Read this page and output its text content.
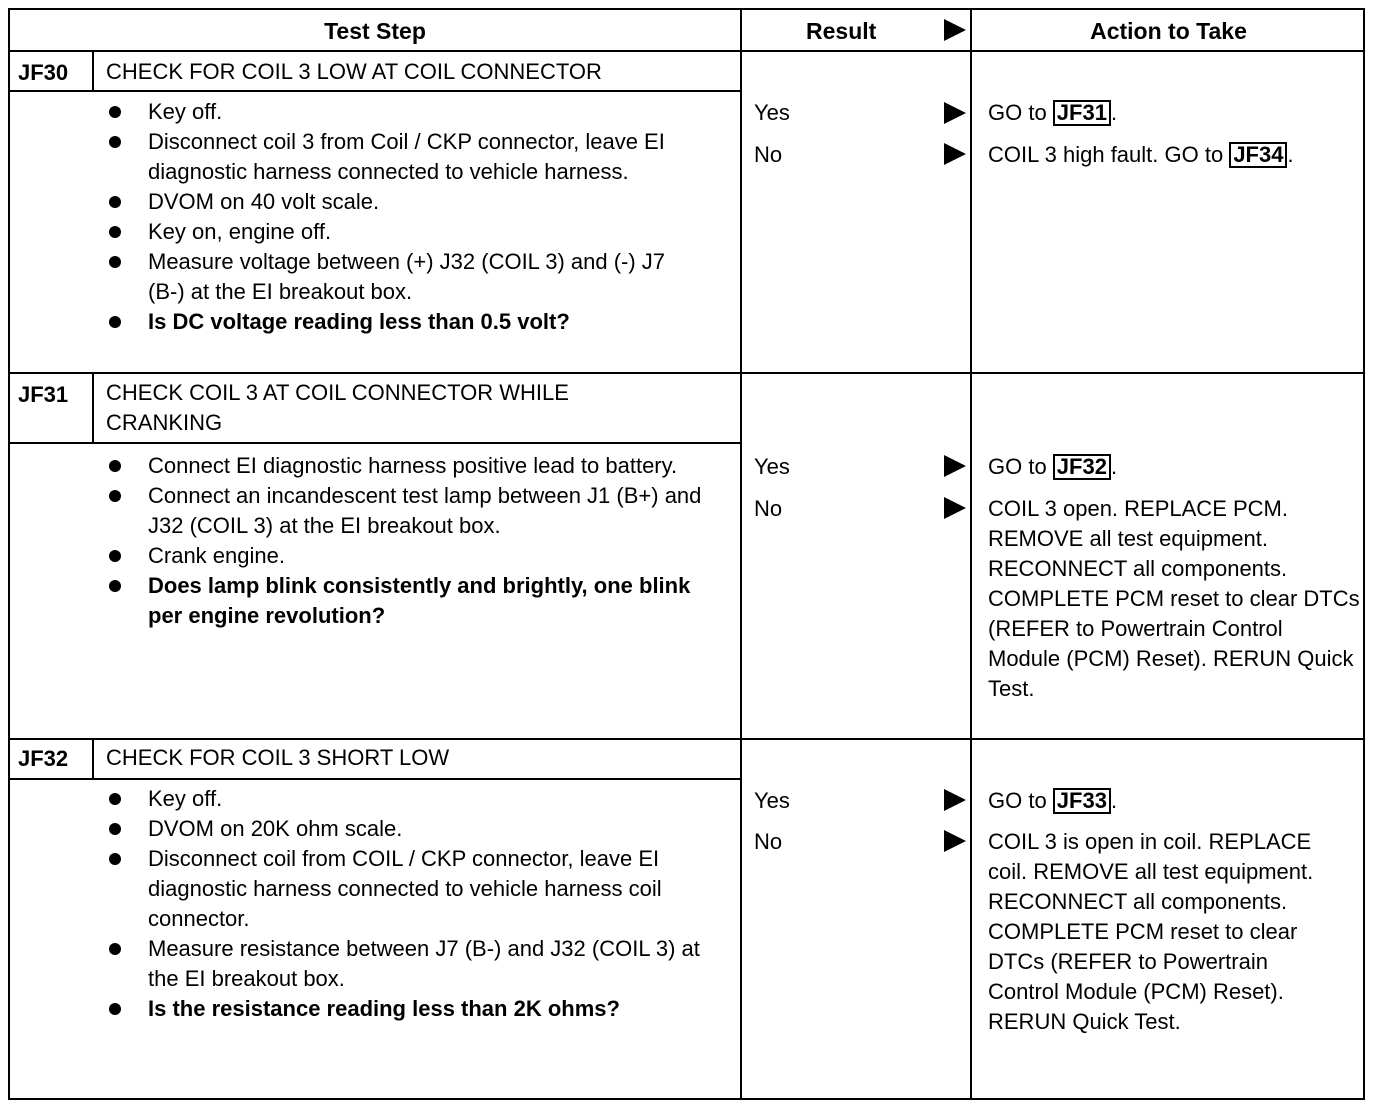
Test Step	Result	Action to Take
JF30 CHECK FOR COIL 3 LOW AT COIL CONNECTOR
Key off.
Disconnect coil 3 from Coil / CKP connector, leave EI diagnostic harness connected to vehicle harness.
DVOM on 40 volt scale.
Key on, engine off.
Measure voltage between (+) J32 (COIL 3) and (-) J7 (B-) at the EI breakout box.
Is DC voltage reading less than 0.5 volt?
Yes	GO to JF31 .
No	COIL 3 high fault. GO to JF34 .
JF31 CHECK COIL 3 AT COIL CONNECTOR WHILE CRANKING
Connect EI diagnostic harness positive lead to battery.
Connect an incandescent test lamp between J1 (B+) and J32 (COIL 3) at the EI breakout box.
Crank engine.
Does lamp blink consistently and brightly, one blink per engine revolution?
Yes	GO to JF32 .
No	COIL 3 open. REPLACE PCM. REMOVE all test equipment. RECONNECT all components. COMPLETE PCM reset to clear DTCs (REFER to Powertrain Control Module (PCM) Reset). RERUN Quick Test.
JF32 CHECK FOR COIL 3 SHORT LOW
Key off.
DVOM on 20K ohm scale.
Disconnect coil from COIL / CKP connector, leave EI diagnostic harness connected to vehicle harness coil connector.
Measure resistance between J7 (B-) and J32 (COIL 3) at the EI breakout box.
Is the resistance reading less than 2K ohms?
Yes	GO to JF33 .
No	COIL 3 is open in coil. REPLACE coil. REMOVE all test equipment. RECONNECT all components. COMPLETE PCM reset to clear DTCs (REFER to Powertrain Control Module (PCM) Reset). RERUN Quick Test.
